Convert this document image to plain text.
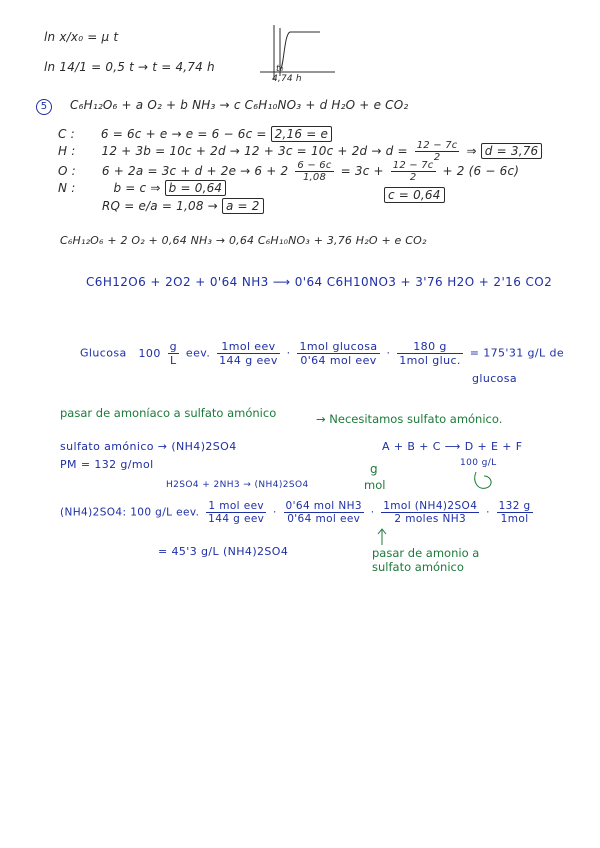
ln x/x₀ = μ t
ln 14/1 = 0,5 t → t = 4,74 h	t₀
4,74 h
5 C₆H₁₂O₆ + a O₂ + b NH₃ → c C₆H₁₀NO₃ + d H₂O + e CO₂
C : 6 = 6c + e → e = 6 − 6c = 2,16 = e
H : $12 + 3b = 10c + 2d \to 12 + 3c = 10c + 2d \to d = \frac{12 - 7c}{2}$ ⇒ d = 3,76
O : $6 + 2a = 3c + d + 2e \to 6 + 2 \frac{6 - 6c}{1,08} = 3c + \frac{12 - 7c}{2} + 2$ (6 − 6c)
N :	b = c ⇒ b = 0,64	c = 0,64
RQ = e/a = 1,08 → a = 2
C₆H₁₂O₆ + 2 O₂ + 0,64 NH₃ → 0,64 C₆H₁₀NO₃ + 3,76 H₂O + e CO₂
C6H12O6 + 2O2 + 0'64 NH3 ⟶ 0'64 C6H10NO3 + 3'76 H2O + 2'16 CO2
Glucosa $100 \frac{g}{L}$ eev. $\frac{\text{1mol eev}}{\text{144 g eev}} \cdot \frac{\text{1mol glucosa}}{\text{0'64 mol eev}} \cdot \frac{180 g}{\text{1mol gluc.}} = 175'31$ g/L de
glucosa
pasar de amoníaco a sulfato amónico	→ Necesitamos sulfato amónico.
sulfato amónico → (NH4)2SO4
PM = 132 g/mol
A + B + C ⟶ D + E + F
100 g/L
g
mol
H2SO4 + 2NH3 → (NH4)2SO4
(NH4)2SO4: 100 g/L eev. $\frac{\text{1 mol eev}}{\text{144 g eev}} \cdot \frac{\text{0'64 mol NH3}}{\text{0'64 mol eev}} \cdot \frac{\text{1mol (NH4)2SO4}}{\text{2 moles NH3}} \cdot \frac{132 g}{\text{1mol}}$
= 45'3 g/L (NH4)2SO4	pasar de amonio a
sulfato amónico
